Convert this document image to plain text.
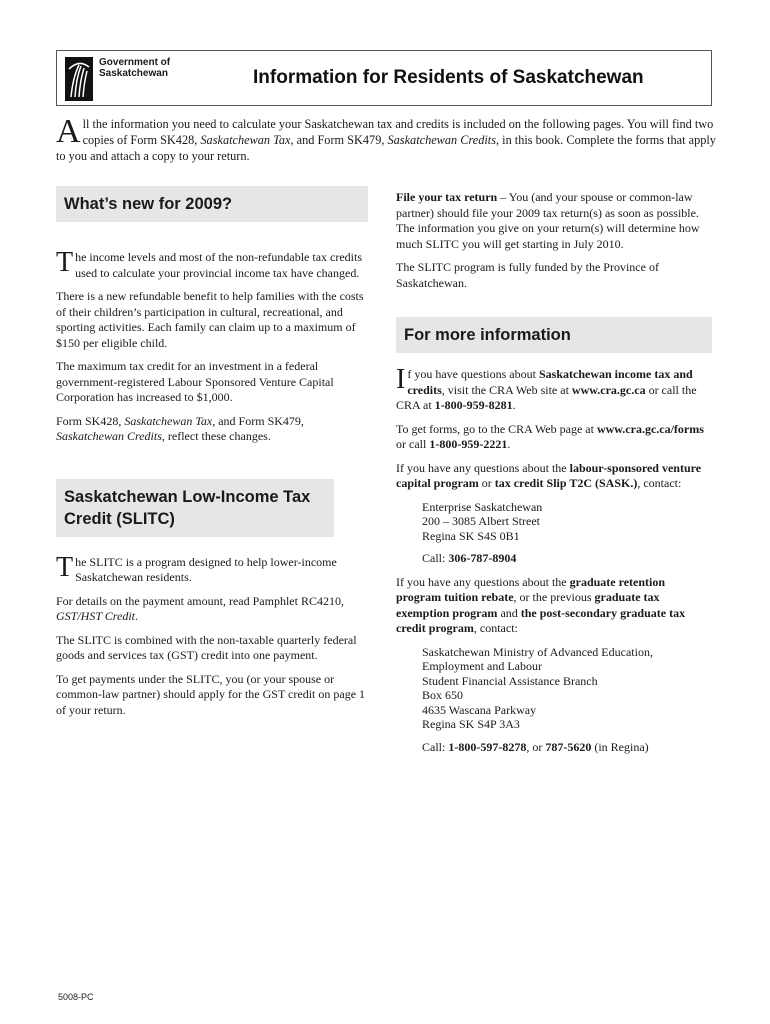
Government of
Saskatchewan	Information for Residents of Saskatchewan
All the information you need to calculate your Saskatchewan tax and credits is included on the following pages. You will find two copies of Form SK428, Saskatchewan Tax, and Form SK479, Saskatchewan Credits, in this book. Complete the forms that apply to you and attach a copy to your return.
What’s new for 2009?

The income levels and most of the non-refundable tax credits used to calculate your provincial income tax have changed.

There is a new refundable benefit to help families with the costs of their children’s participation in cultural, recreational, and sporting activities. Each family can claim up to a maximum of $150 per eligible child.

The maximum tax credit for an investment in a federal government-registered Labour Sponsored Venture Capital Corporation has increased to $1,000.

Form SK428, Saskatchewan Tax, and Form SK479, Saskatchewan Credits, reflect these changes.

Saskatchewan Low-Income Tax Credit (SLITC)

The SLITC is a program designed to help lower-income Saskatchewan residents.

For details on the payment amount, read Pamphlet RC4210, GST/HST Credit.

The SLITC is combined with the non-taxable quarterly federal goods and services tax (GST) credit into one payment.

To get payments under the SLITC, you (or your spouse or common-law partner) should apply for the GST credit on page 1 of your return.

File your tax return – You (and your spouse or common-law partner) should file your 2009 tax return(s) as soon as possible. The information you give on your return(s) will determine how much SLITC you will get starting in July 2010.

The SLITC program is fully funded by the Province of Saskatchewan.

For more information

If you have questions about Saskatchewan income tax and credits, visit the CRA Web site at www.cra.gc.ca or call the CRA at 1-800-959-8281.

To get forms, go to the CRA Web page at www.cra.gc.ca/forms or call 1-800-959-2221.

If you have any questions about the labour-sponsored venture capital program or tax credit Slip T2C (SASK.), contact:

Enterprise Saskatchewan
200 – 3085 Albert Street
Regina SK S4S 0B1

Call: 306-787-8904

If you have any questions about the graduate retention program tuition rebate, or the previous graduate tax exemption program and the post-secondary graduate tax credit program, contact:

Saskatchewan Ministry of Advanced Education, Employment and Labour
Student Financial Assistance Branch
Box 650
4635 Wascana Parkway
Regina SK S4P 3A3

Call: 1-800-597-8278, or 787-5620 (in Regina)

5008-PC
